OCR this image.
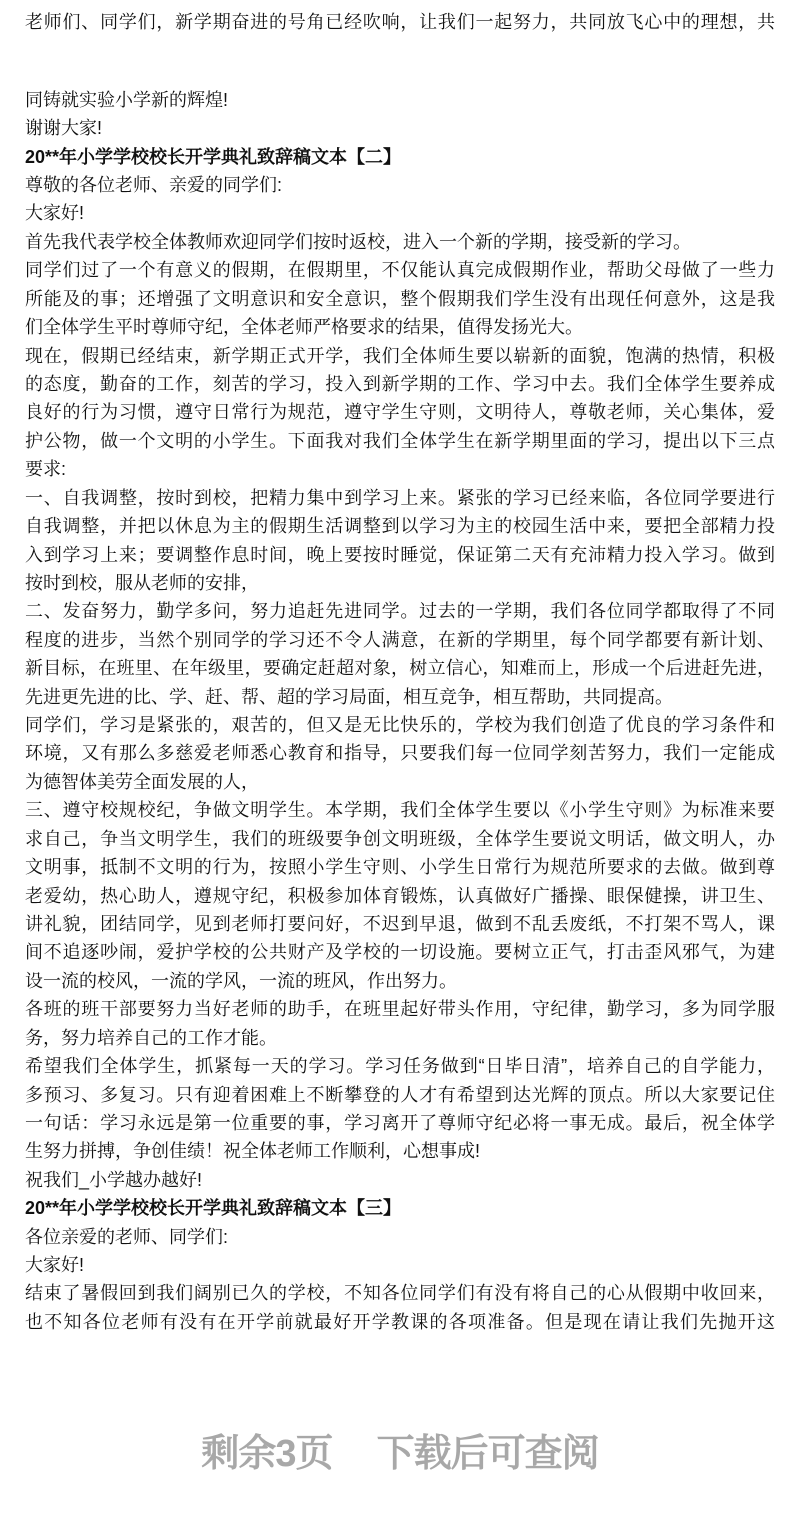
老师们、同学们，新学期奋进的号角已经吹响，让我们一起努力，共同放飞心中的理想，共
同铸就实验小学新的辉煌!
谢谢大家!
20**年小学学校校长开学典礼致辞稿文本【二】
尊敬的各位老师、亲爱的同学们:
大家好!
首先我代表学校全体教师欢迎同学们按时返校，进入一个新的学期，接受新的学习。
同学们过了一个有意义的假期，在假期里，不仅能认真完成假期作业，帮助父母做了一些力
所能及的事；还增强了文明意识和安全意识，整个假期我们学生没有出现任何意外，这是我
们全体学生平时尊师守纪，全体老师严格要求的结果，值得发扬光大。
现在，假期已经结束，新学期正式开学，我们全体师生要以崭新的面貌，饱满的热情，积极
的态度，勤奋的工作，刻苦的学习，投入到新学期的工作、学习中去。我们全体学生要养成
良好的行为习惯，遵守日常行为规范，遵守学生守则，文明待人，尊敬老师，关心集体，爱
护公物，做一个文明的小学生。下面我对我们全体学生在新学期里面的学习，提出以下三点
要求:
一、自我调整，按时到校，把精力集中到学习上来。紧张的学习已经来临，各位同学要进行
自我调整，并把以休息为主的假期生活调整到以学习为主的校园生活中来，要把全部精力投
入到学习上来；要调整作息时间，晚上要按时睡觉，保证第二天有充沛精力投入学习。做到
按时到校，服从老师的安排，
二、发奋努力，勤学多问，努力追赶先进同学。过去的一学期，我们各位同学都取得了不同
程度的进步，当然个别同学的学习还不令人满意，在新的学期里，每个同学都要有新计划、
新目标，在班里、在年级里，要确定赶超对象，树立信心，知难而上，形成一个后进赶先进，
先进更先进的比、学、赶、帮、超的学习局面，相互竞争，相互帮助，共同提高。
同学们，学习是紧张的，艰苦的，但又是无比快乐的，学校为我们创造了优良的学习条件和
环境，又有那么多慈爱老师悉心教育和指导，只要我们每一位同学刻苦努力，我们一定能成
为德智体美劳全面发展的人，
三、遵守校规校纪，争做文明学生。本学期，我们全体学生要以《小学生守则》为标准来要
求自己，争当文明学生，我们的班级要争创文明班级，全体学生要说文明话，做文明人，办
文明事，抵制不文明的行为，按照小学生守则、小学生日常行为规范所要求的去做。做到尊
老爱幼，热心助人，遵规守纪，积极参加体育锻炼，认真做好广播操、眼保健操，讲卫生、
讲礼貌，团结同学，见到老师打要问好，不迟到早退，做到不乱丢废纸，不打架不骂人，课
间不追逐吵闹，爱护学校的公共财产及学校的一切设施。要树立正气，打击歪风邪气，为建
设一流的校风，一流的学风，一流的班风，作出努力。
各班的班干部要努力当好老师的助手，在班里起好带头作用，守纪律，勤学习，多为同学服
务，努力培养自己的工作才能。
希望我们全体学生，抓紧每一天的学习。学习任务做到“日毕日清”，培养自己的自学能力，
多预习、多复习。只有迎着困难上不断攀登的人才有希望到达光辉的顶点。所以大家要记住
一句话：学习永远是第一位重要的事，学习离开了尊师守纪必将一事无成。最后，祝全体学
生努力拼搏，争创佳绩！祝全体老师工作顺利，心想事成!
祝我们_小学越办越好!
20**年小学学校校长开学典礼致辞稿文本【三】
各位亲爱的老师、同学们:
大家好!
结束了暑假回到我们阔别已久的学校，不知各位同学们有没有将自己的心从假期中收回来，
也不知各位老师有没有在开学前就最好开学教课的各项准备。但是现在请让我们先抛开这
剩余3页 下载后可查阅
